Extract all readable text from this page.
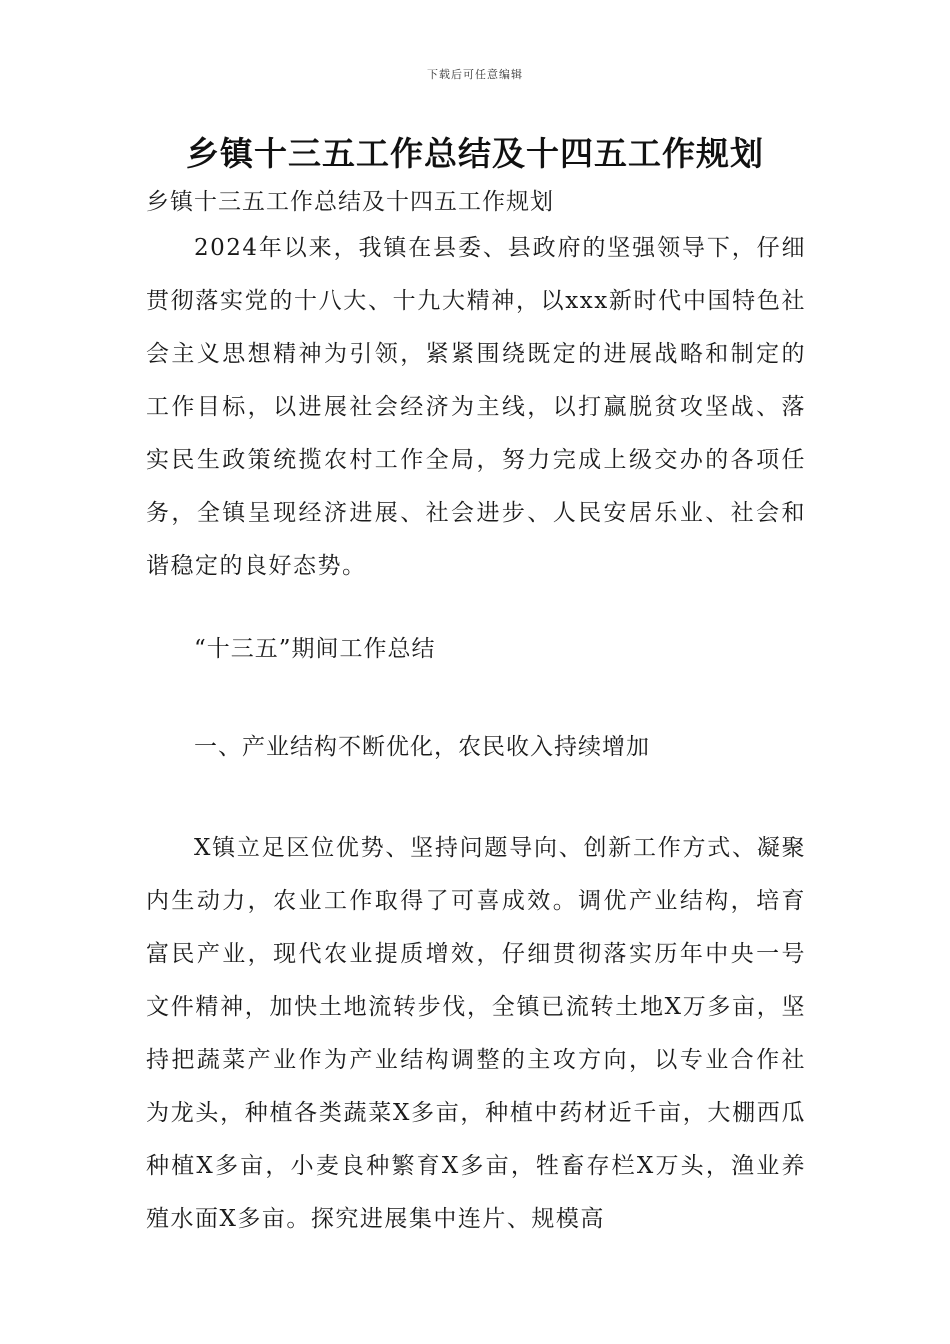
下载后可任意编辑
乡镇十三五工作总结及十四五工作规划

乡镇十三五工作总结及十四五工作规划

2024年以来，我镇在县委、县政府的坚强领导下，仔细贯彻落实党的十八大、十九大精神，以xxx新时代中国特色社会主义思想精神为引领，紧紧围绕既定的进展战略和制定的工作目标，以进展社会经济为主线，以打赢脱贫攻坚战、落实民生政策统揽农村工作全局，努力完成上级交办的各项任务，全镇呈现经济进展、社会进步、人民安居乐业、社会和谐稳定的良好态势。

“十三五”期间工作总结

一、产业结构不断优化，农民收入持续增加

X镇立足区位优势、坚持问题导向、创新工作方式、凝聚内生动力，农业工作取得了可喜成效。调优产业结构，培育富民产业，现代农业提质增效，仔细贯彻落实历年中央一号文件精神，加快土地流转步伐，全镇已流转土地X万多亩，坚持把蔬菜产业作为产业结构调整的主攻方向，以专业合作社为龙头，种植各类蔬菜X多亩，种植中药材近千亩，大棚西瓜种植X多亩，小麦良种繁育X多亩，牲畜存栏X万头，渔业养殖水面X多亩。探究进展集中连片、规模高
